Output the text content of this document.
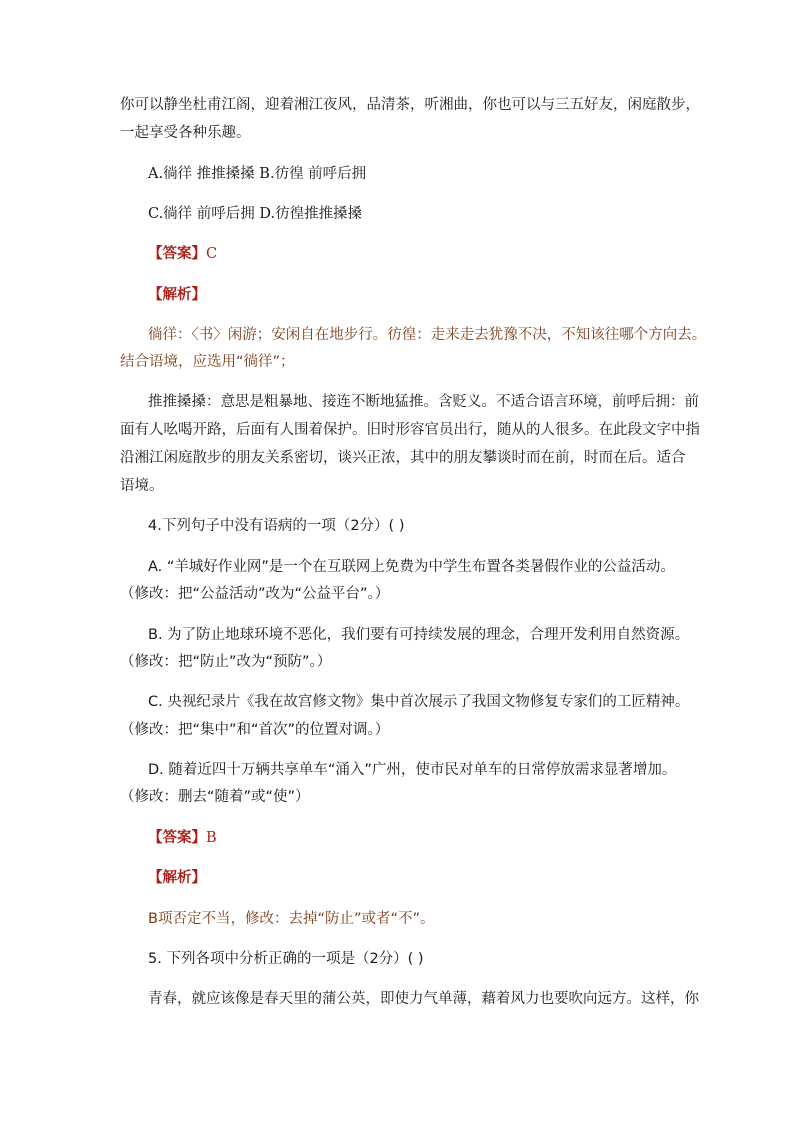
你可以静坐杜甫江阁，迎着湘江夜风，品清茶，听湘曲，你也可以与三五好友，闲庭散步，
一起享受各种乐趣。
A.徜徉 推推搡搡 B.彷徨 前呼后拥
C.徜徉 前呼后拥 D.彷徨推推搡搡
【答案】C
【解析】
徜徉：〈书〉闲游；安闲自在地步行。彷徨：走来走去犹豫不决，不知该往哪个方向去。
结合语境，应选用“徜徉”；
推推搡搡：意思是粗暴地、接连不断地猛推。含贬义。不适合语言环境，前呼后拥：前
面有人吆喝开路，后面有人围着保护。旧时形容官员出行，随从的人很多。在此段文字中指
沿湘江闲庭散步的朋友关系密切，谈兴正浓，其中的朋友攀谈时而在前，时而在后。适合
语境。
4.下列句子中没有语病的一项（2分）( )
A. “羊城好作业网”是一个在互联网上免费为中学生布置各类暑假作业的公益活动。
（修改：把“公益活动”改为“公益平台”。）
B. 为了防止地球环境不恶化，我们要有可持续发展的理念，合理开发利用自然资源。
（修改：把“防止”改为“预防”。）
C. 央视纪录片《我在故宫修文物》集中首次展示了我国文物修复专家们的工匠精神。
（修改：把“集中”和“首次”的位置对调。）
D. 随着近四十万辆共享单车“涌入”广州，使市民对单车的日常停放需求显著增加。
（修改：删去“随着”或“使”）
【答案】B
【解析】
B项否定不当，修改：去掉“防止”或者“不”。
5. 下列各项中分析正确的一项是（2分）( )
青春，就应该像是春天里的蒲公英，即使力气单薄，藉着风力也要吹向远方。这样，你
